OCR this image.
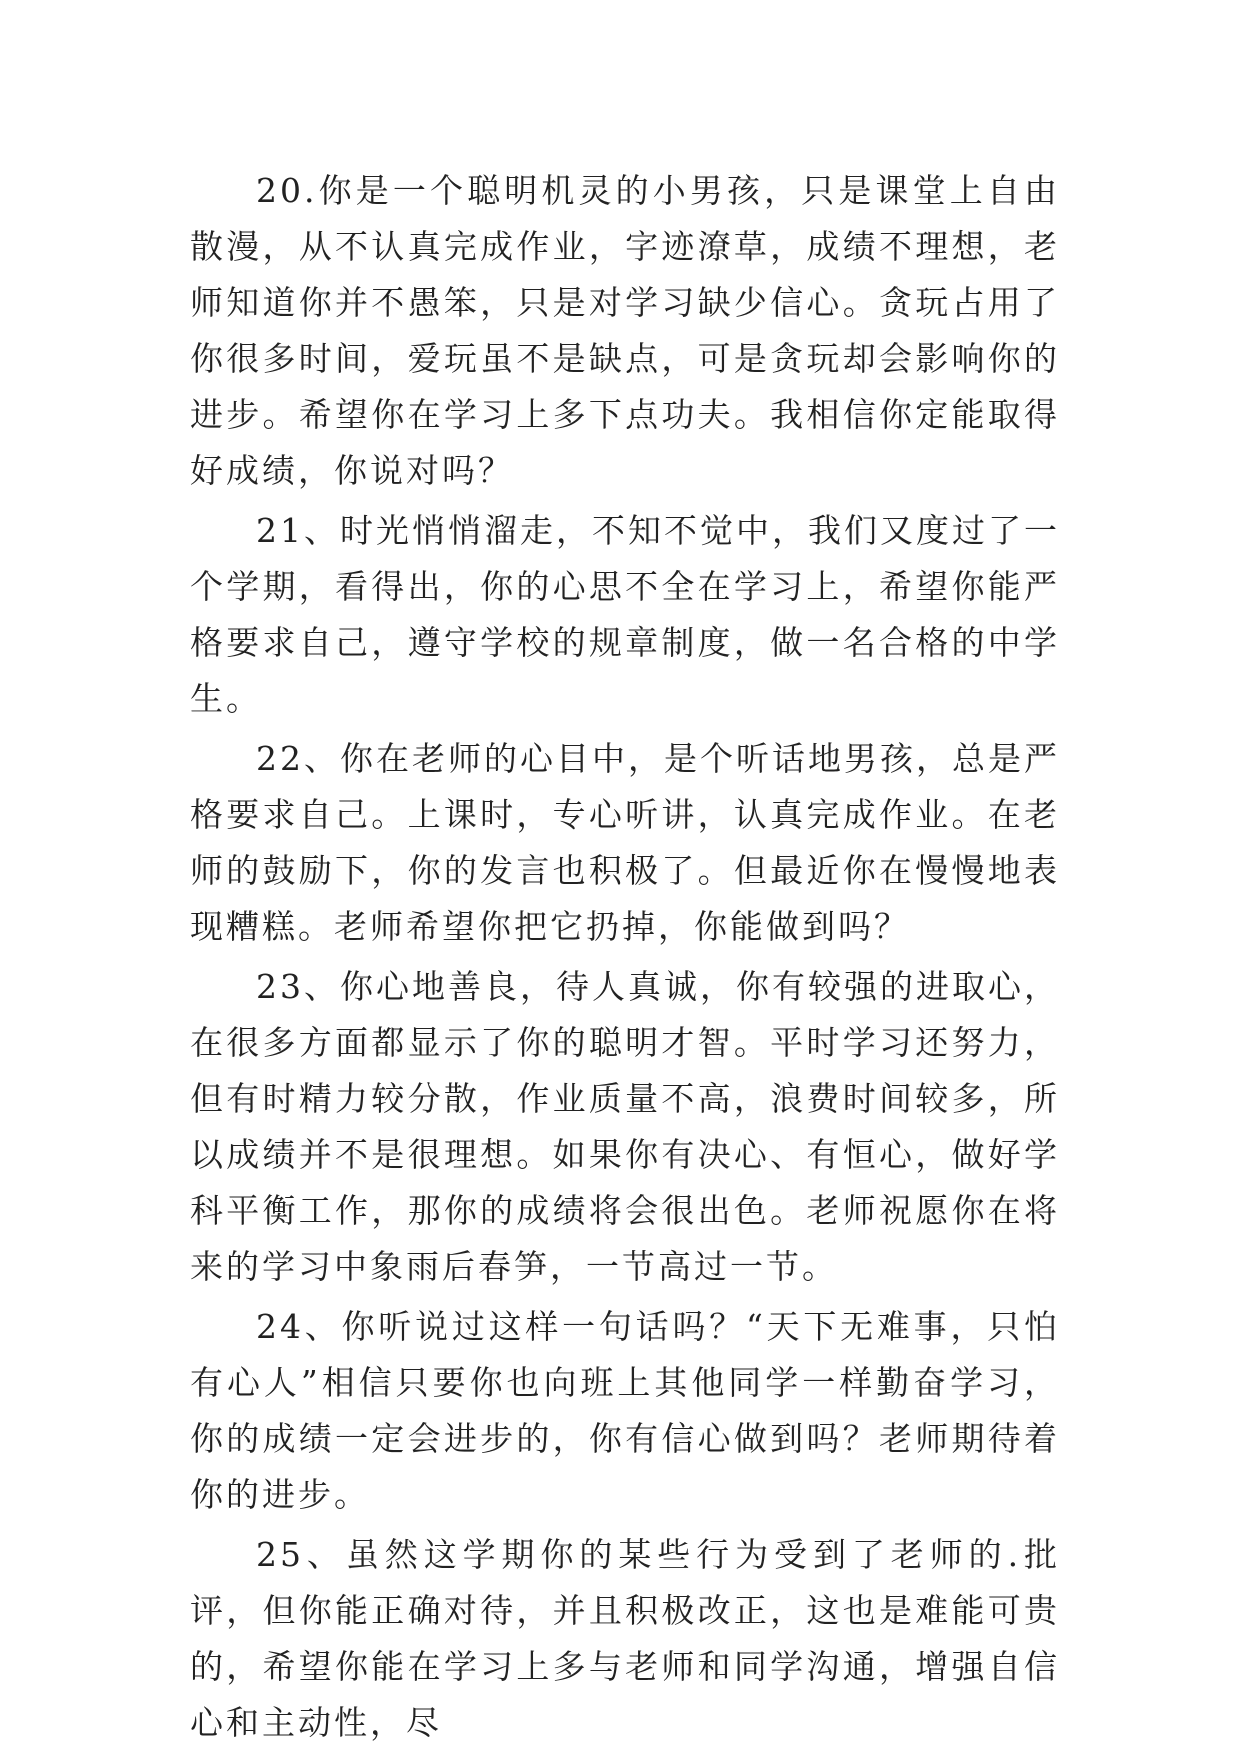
20.你是一个聪明机灵的小男孩，只是课堂上自由散漫，从不认真完成作业，字迹潦草，成绩不理想，老师知道你并不愚笨，只是对学习缺少信心。贪玩占用了你很多时间，爱玩虽不是缺点，可是贪玩却会影响你的进步。希望你在学习上多下点功夫。我相信你定能取得好成绩，你说对吗？

21、时光悄悄溜走，不知不觉中，我们又度过了一个学期，看得出，你的心思不全在学习上，希望你能严格要求自己，遵守学校的规章制度，做一名合格的中学生。

22、你在老师的心目中，是个听话地男孩，总是严格要求自己。上课时，专心听讲，认真完成作业。在老师的鼓励下，你的发言也积极了。但最近你在慢慢地表现糟糕。老师希望你把它扔掉，你能做到吗？

23、你心地善良，待人真诚，你有较强的进取心，在很多方面都显示了你的聪明才智。平时学习还努力，但有时精力较分散，作业质量不高，浪费时间较多，所以成绩并不是很理想。如果你有决心、有恒心，做好学科平衡工作，那你的成绩将会很出色。老师祝愿你在将来的学习中象雨后春笋，一节高过一节。

24、你听说过这样一句话吗？“天下无难事，只怕有心人”相信只要你也向班上其他同学一样勤奋学习，你的成绩一定会进步的，你有信心做到吗？老师期待着你的进步。

25、虽然这学期你的某些行为受到了老师的.批评，但你能正确对待，并且积极改正，这也是难能可贵的，希望你能在学习上多与老师和同学沟通，增强自信心和主动性，尽
